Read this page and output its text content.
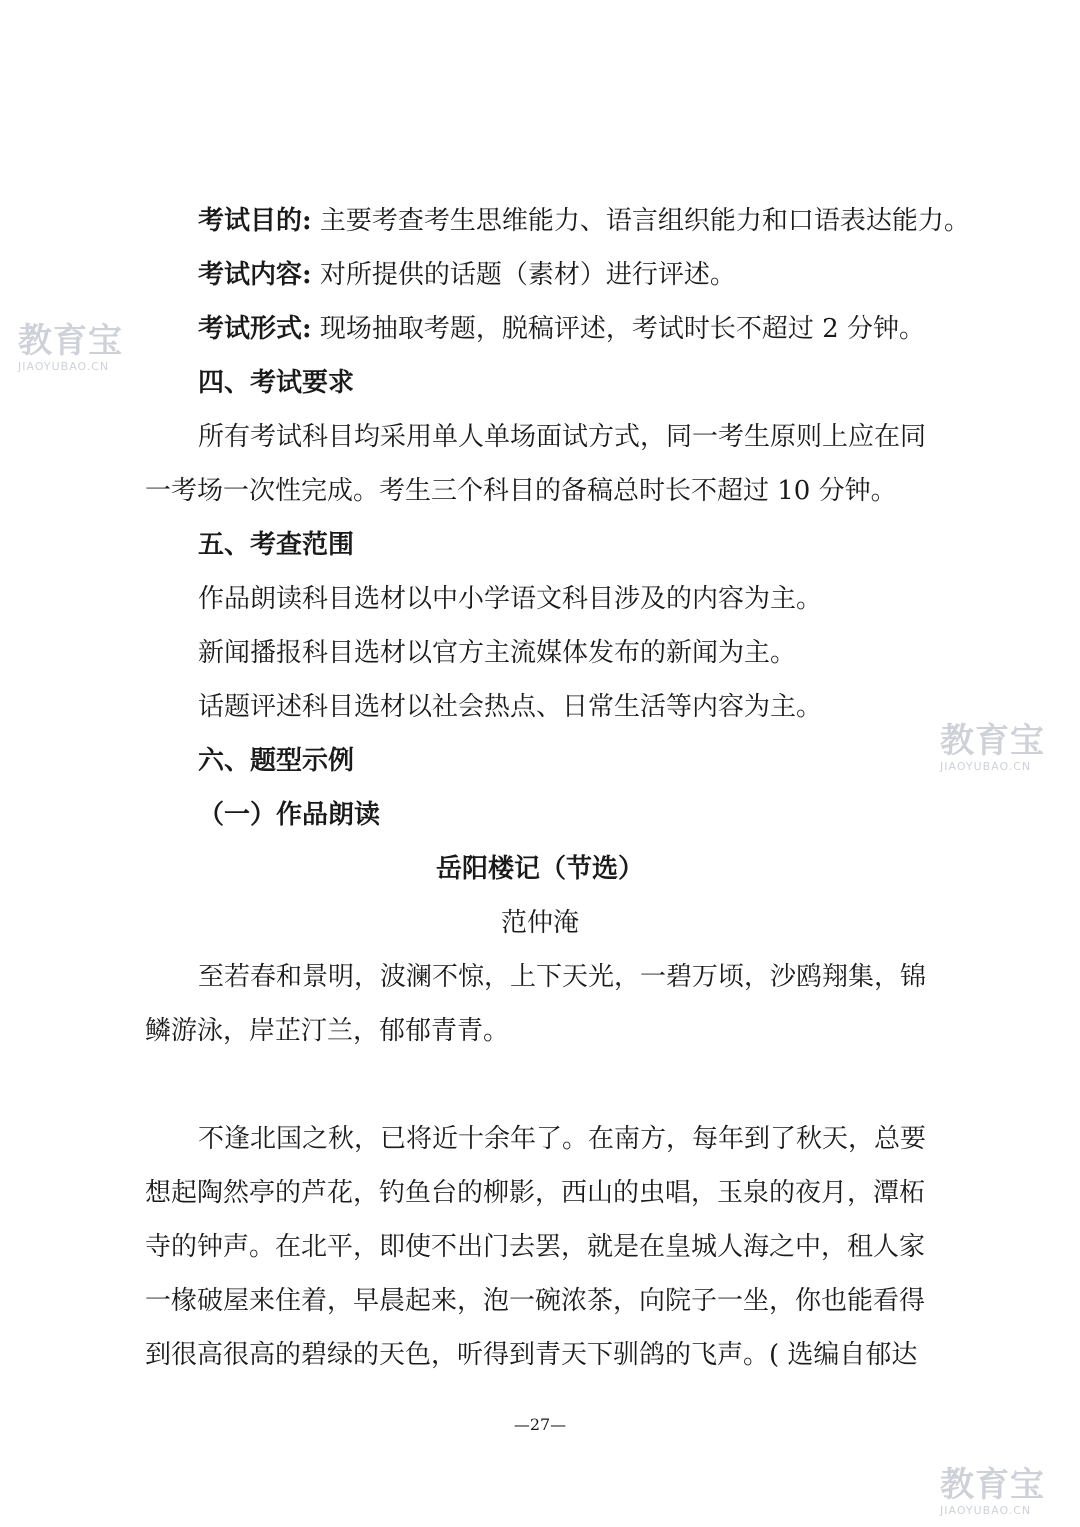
教育宝
JIAOYUBAO.CN
教育宝
JIAOYUBAO.CN
教育宝
JIAOYUBAO.CN
考试目的: 主要考查考生思维能力、语言组织能力和口语表达能力。
考试内容: 对所提供的话题（素材）进行评述。
考试形式: 现场抽取考题，脱稿评述，考试时长不超过 2 分钟。
四、考试要求
所有考试科目均采用单人单场面试方式，同一考生原则上应在同
一考场一次性完成。考生三个科目的备稿总时长不超过 10 分钟。
五、考查范围
作品朗读科目选材以中小学语文科目涉及的内容为主。
新闻播报科目选材以官方主流媒体发布的新闻为主。
话题评述科目选材以社会热点、日常生活等内容为主。
六、题型示例
（一）作品朗读
岳阳楼记（节选）
范仲淹
至若春和景明，波澜不惊，上下天光，一碧万顷，沙鸥翔集，锦
鳞游泳，岸芷汀兰，郁郁青青。
不逢北国之秋，已将近十余年了。在南方，每年到了秋天，总要
想起陶然亭的芦花，钓鱼台的柳影，西山的虫唱，玉泉的夜月，潭柘
寺的钟声。在北平，即使不出门去罢，就是在皇城人海之中，租人家
一椽破屋来住着，早晨起来，泡一碗浓茶，向院子一坐，你也能看得
到很高很高的碧绿的天色，听得到青天下驯鸽的飞声。( 选编自郁达
—27—
